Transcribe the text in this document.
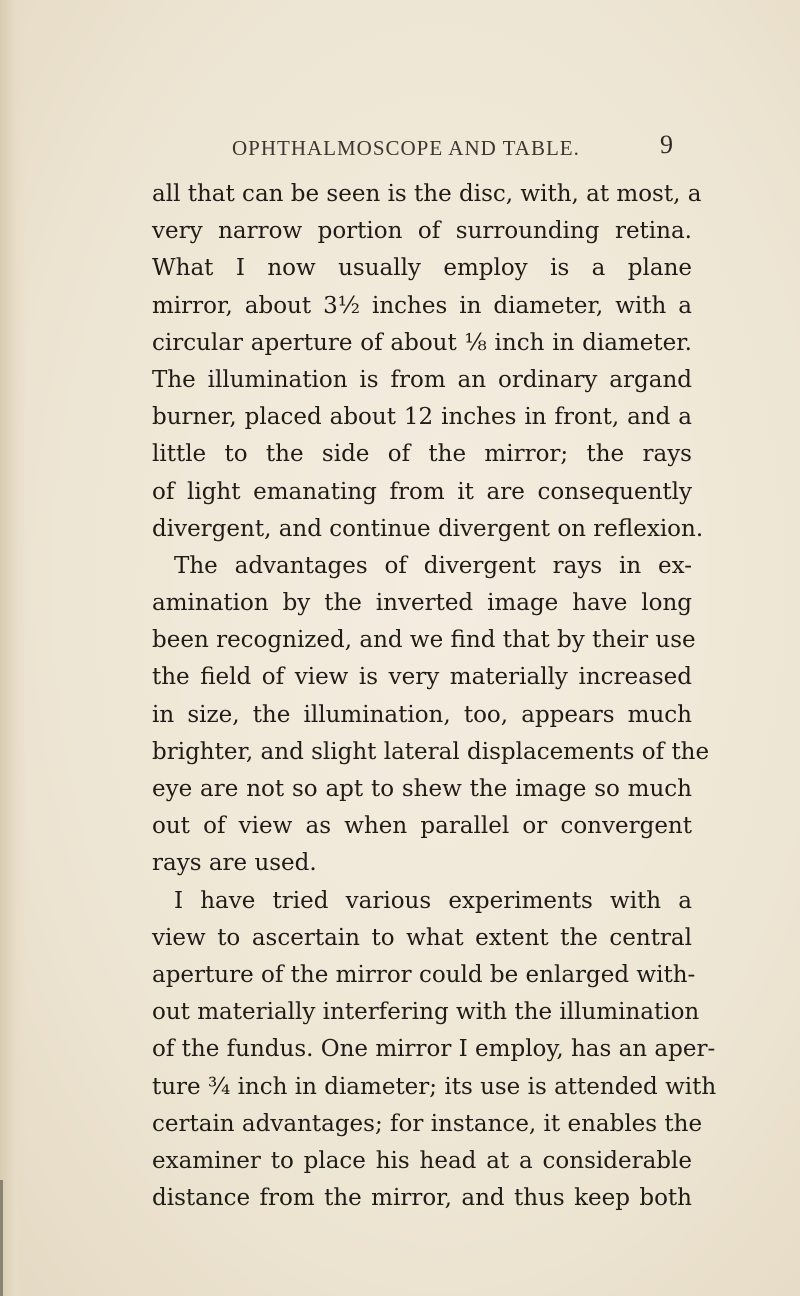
OPHTHALMOSCOPE AND TABLE.	9
all that can be seen is the disc, with, at most, a
very narrow portion of surrounding retina.
What I now usually employ is a plane
mirror, about 3½ inches in diameter, with a
circular aperture of about ⅛ inch in diameter.
The illumination is from an ordinary argand
burner, placed about 12 inches in front, and a
little to the side of the mirror; the rays
of light emanating from it are consequently
divergent, and continue divergent on reflexion.
The advantages of divergent rays in ex-
amination by the inverted image have long
been recognized, and we find that by their use
the field of view is very materially increased
in size, the illumination, too, appears much
brighter, and slight lateral displacements of the
eye are not so apt to shew the image so much
out of view as when parallel or convergent
rays are used.
I have tried various experiments with a
view to ascertain to what extent the central
aperture of the mirror could be enlarged with-
out materially interfering with the illumination
of the fundus. One mirror I employ, has an aper-
ture ¾ inch in diameter; its use is attended with
certain advantages; for instance, it enables the
examiner to place his head at a considerable
distance from the mirror, and thus keep both
